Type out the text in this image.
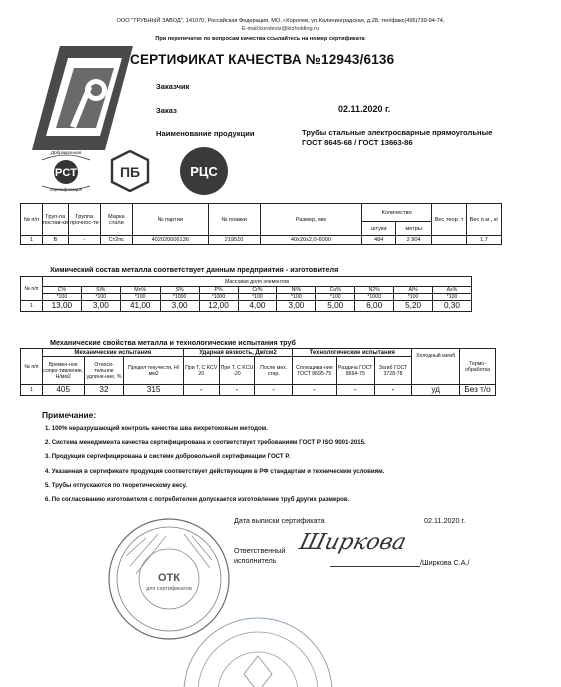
ООО "ТРУБНЫЙ ЗАВОД", 141070, Российская Федерация, МО, г.Королев, ул.Калининградская, д.28, тел/факс(495)739-94-74,
E-mail:korolevtz@ktzholding.ru
При перепечатке по вопросам качества ссылайтесь на номер сертификата
СЕРТИФИКАТ КАЧЕСТВА №12943/6136
Заказчик
Заказ	02.11.2020 г.
Наименование продукции	Трубы стальные электросварные прямоугольные ГОСТ 8645-68 / ГОСТ 13663-86
PCT
Добровольная
сертификация
ПБ	РЦС
№ п/п	Груп-па постав-ки	Группа прочнос-ти	Марка стали	№ партии	№ плавки	Размер, мм	Количество		Вес теор. т	Вес п.м., кг
							штуки	метры		
1	В	-	Ст2пс	402020006136	219510	40х20х2,0-6000	484	2 904		1,7
Химический состав металла соответствует данным предприятия - изготовителя
№ п/п	Массовая доля элементов										
	С%	Si%	Mn%	S%	P%	Cr%	Ni%	Cu%	N2%	Al%	As%
	*100	*100	*100	*1000	*1000	*100	*100	*100	*1000	*100	*100
1	13,00	3,00	41,00	3,00	12,00	4,00	3,00	5,00	6,00	5,20	0,30
Механические свойства металла и технологические испытания труб
№ п/п	Механические испытания			Ударная вязкость, Дж/см2			Технологические испытания			Холодный изгиб	Термо-обработка
	Времен-ное сопро-тивление, Н/мм2	Относи-тельное удлине-ние, %	Предел текучести, Н/мм2	При Т, С KCV 20	При Т, С KCU -20	После мех. стар.	Сплющива-ние ГОСТ 8695-75	Раздача ГОСТ 8694-75	Загиб ГОСТ 3728-78		
1	405	32	315	-	-	-	-	-	-	уд	Без т/о
Примечание:
1. 100% неразрушающий контроль качества шва вихретоковым методом.
2. Система менеджмента качества сертифицирована и соответствует требованиям ГОСТ Р ISO 9001-2015.
3. Продукция сертифицирована в системе добровольной сертификации ГОСТ Р.
4. Указанная в сертификате продукция соответствует действующим в РФ стандартам и техническим условиям.
5. Трубы отпускаются по теоретическому весу.
6. По согласованию изготовителя с потребителем допускается изготовление труб других размеров.
Дата выписки сертификата	02.11.2020 г.
Ответственный
исполнитель
Ширкова
/Ширкова С.А./
ОТК
для сертификатов
